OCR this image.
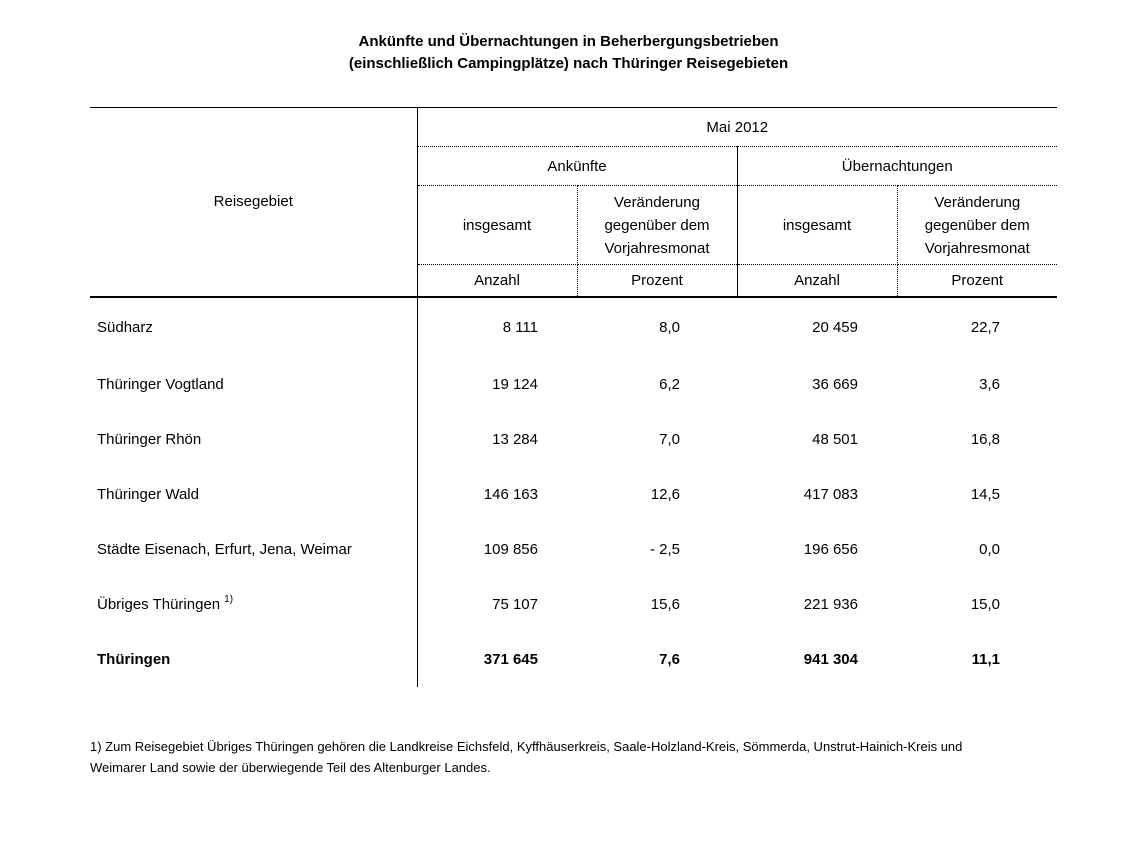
Ankünfte und Übernachtungen in Beherbergungsbetrieben
(einschließlich Campingplätze) nach Thüringer Reisegebieten
Reisegebiet	Mai 2012			
	Ankünfte		Übernachtungen	
	insgesamt	Veränderung gegenüber dem Vorjahresmonat	insgesamt	Veränderung gegenüber dem Vorjahresmonat
	Anzahl	Prozent	Anzahl	Prozent
Südharz	8 111	8,0	20 459	22,7
Thüringer Vogtland	19 124	6,2	36 669	3,6
Thüringer Rhön	13 284	7,0	48 501	16,8
Thüringer Wald	146 163	12,6	417 083	14,5
Städte Eisenach, Erfurt, Jena, Weimar	109 856	- 2,5	196 656	0,0
Übriges Thüringen $^{1)}$	75 107	15,6	221 936	15,0
Thüringen	371 645	7,6	941 304	11,1
1) Zum Reisegebiet Übriges Thüringen gehören die Landkreise Eichsfeld, Kyffhäuserkreis, Saale-Holzland-Kreis, Sömmerda, Unstrut-Hainich-Kreis und
Weimarer Land sowie der überwiegende Teil des Altenburger Landes.
